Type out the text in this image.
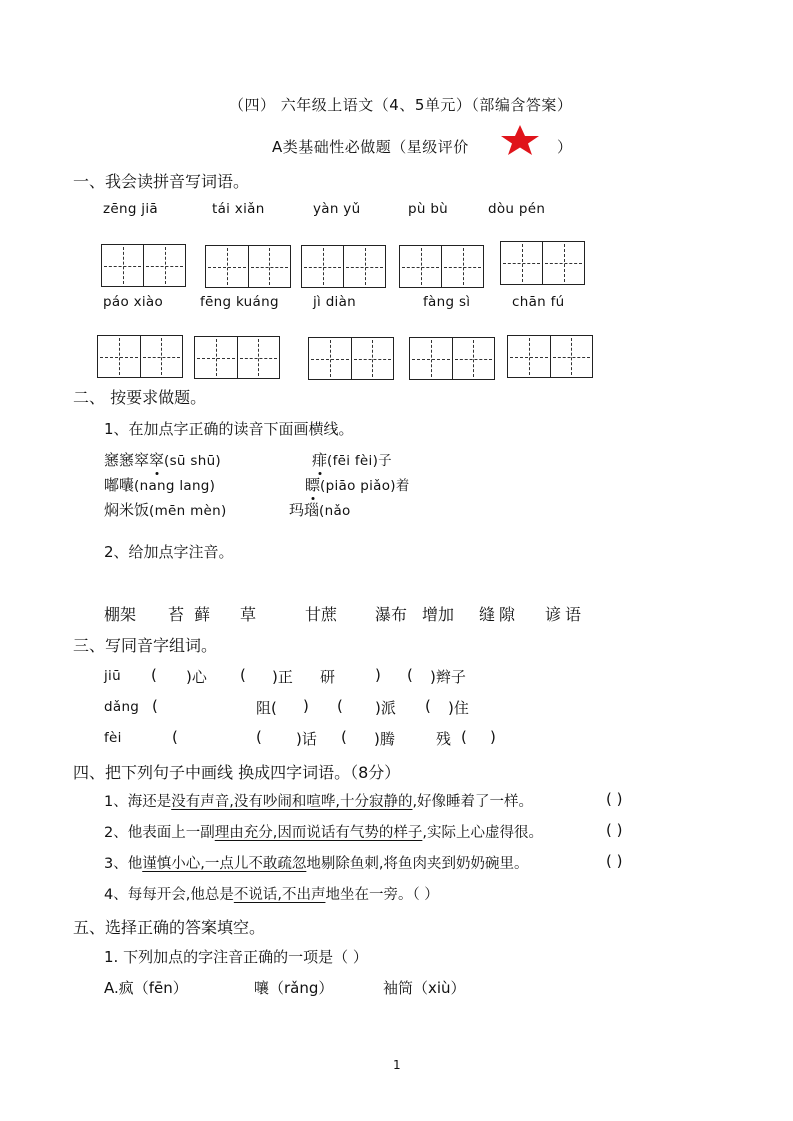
（四） 六年级上语文（4、5单元）（部编含答案）
A类基础性必做题（星级评价	）
一、我会读拼音写词语。
zēng jiā	tái xiǎn	yàn yǔ	pù bù	dòu pén
páo xiào	fēng kuáng	jì diàn	fàng sì	chān fú
二、 按要求做题。
1、在加点字正确的读音下面画横线。
窸窸窣窣(sū shū)	痱(fēi fèi)子
嘟囔(nang lang)	瞟(piāo piǎo)着
焖米饭(mēn mèn)	玛瑙(nǎo
2、给加点字注音。
棚架 苔藓 草	甘蔗 瀑布 增加 缝隙 谚语
三、写同音字组词。
jiū ( )心 ( )正 研	) ( )辫子
dǎng (	阻( ) ( )派 ( )住
fèi	(	( )话 ( )腾	残 ( )
四、把下列句子中画线 换成四字词语。（8分）
1、海还是没有声音,没有吵闹和喧哗,十分寂静的,好像睡着了一样。	( )
2、他表面上一副理由充分,因而说话有气势的样子,实际上心虚得很。	( )
3、他谨慎小心,一点儿不敢疏忽地剔除鱼刺,将鱼肉夹到奶奶碗里。	( )
4、每每开会,他总是不说话,不出声地坐在一旁。（ ）
五、选择正确的答案填空。
1. 下列加点的字注音正确的一项是（ ）
A.疯（fēn）	嚷（rǎng）	袖筒（xiù）
1
